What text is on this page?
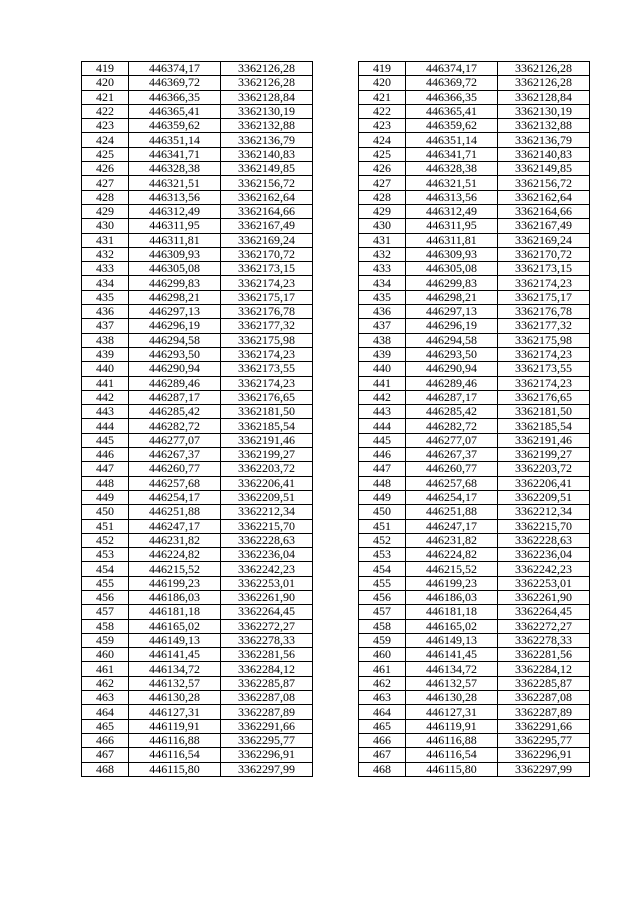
419	446374,17	3362126,28
420	446369,72	3362126,28
421	446366,35	3362128,84
422	446365,41	3362130,19
423	446359,62	3362132,88
424	446351,14	3362136,79
425	446341,71	3362140,83
426	446328,38	3362149,85
427	446321,51	3362156,72
428	446313,56	3362162,64
429	446312,49	3362164,66
430	446311,95	3362167,49
431	446311,81	3362169,24
432	446309,93	3362170,72
433	446305,08	3362173,15
434	446299,83	3362174,23
435	446298,21	3362175,17
436	446297,13	3362176,78
437	446296,19	3362177,32
438	446294,58	3362175,98
439	446293,50	3362174,23
440	446290,94	3362173,55
441	446289,46	3362174,23
442	446287,17	3362176,65
443	446285,42	3362181,50
444	446282,72	3362185,54
445	446277,07	3362191,46
446	446267,37	3362199,27
447	446260,77	3362203,72
448	446257,68	3362206,41
449	446254,17	3362209,51
450	446251,88	3362212,34
451	446247,17	3362215,70
452	446231,82	3362228,63
453	446224,82	3362236,04
454	446215,52	3362242,23
455	446199,23	3362253,01
456	446186,03	3362261,90
457	446181,18	3362264,45
458	446165,02	3362272,27
459	446149,13	3362278,33
460	446141,45	3362281,56
461	446134,72	3362284,12
462	446132,57	3362285,87
463	446130,28	3362287,08
464	446127,31	3362287,89
465	446119,91	3362291,66
466	446116,88	3362295,77
467	446116,54	3362296,91
468	446115,80	3362297,99
419	446374,17	3362126,28
420	446369,72	3362126,28
421	446366,35	3362128,84
422	446365,41	3362130,19
423	446359,62	3362132,88
424	446351,14	3362136,79
425	446341,71	3362140,83
426	446328,38	3362149,85
427	446321,51	3362156,72
428	446313,56	3362162,64
429	446312,49	3362164,66
430	446311,95	3362167,49
431	446311,81	3362169,24
432	446309,93	3362170,72
433	446305,08	3362173,15
434	446299,83	3362174,23
435	446298,21	3362175,17
436	446297,13	3362176,78
437	446296,19	3362177,32
438	446294,58	3362175,98
439	446293,50	3362174,23
440	446290,94	3362173,55
441	446289,46	3362174,23
442	446287,17	3362176,65
443	446285,42	3362181,50
444	446282,72	3362185,54
445	446277,07	3362191,46
446	446267,37	3362199,27
447	446260,77	3362203,72
448	446257,68	3362206,41
449	446254,17	3362209,51
450	446251,88	3362212,34
451	446247,17	3362215,70
452	446231,82	3362228,63
453	446224,82	3362236,04
454	446215,52	3362242,23
455	446199,23	3362253,01
456	446186,03	3362261,90
457	446181,18	3362264,45
458	446165,02	3362272,27
459	446149,13	3362278,33
460	446141,45	3362281,56
461	446134,72	3362284,12
462	446132,57	3362285,87
463	446130,28	3362287,08
464	446127,31	3362287,89
465	446119,91	3362291,66
466	446116,88	3362295,77
467	446116,54	3362296,91
468	446115,80	3362297,99
